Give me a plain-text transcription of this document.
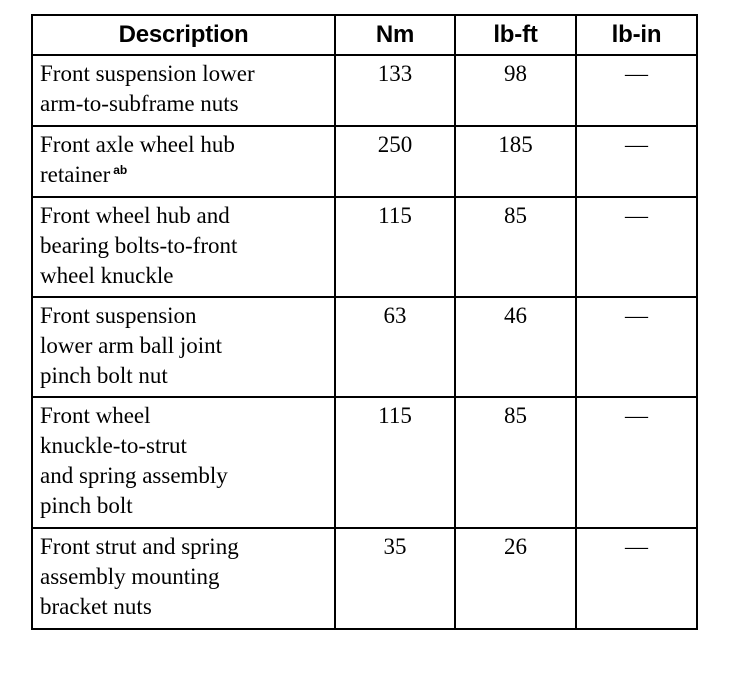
Description	Nm	lb-ft	lb-in
Front suspension lower
arm-to-subframe nuts	133	98	—
Front axle wheel hub
retainer $^{ab}$	250	185	—
Front wheel hub and
bearing bolts-to-front
wheel knuckle	115	85	—
Front suspension
lower arm ball joint
pinch bolt nut	63	46	—
Front wheel
knuckle-to-strut
and spring assembly
pinch bolt	115	85	—
Front strut and spring
assembly mounting
bracket nuts	35	26	—
